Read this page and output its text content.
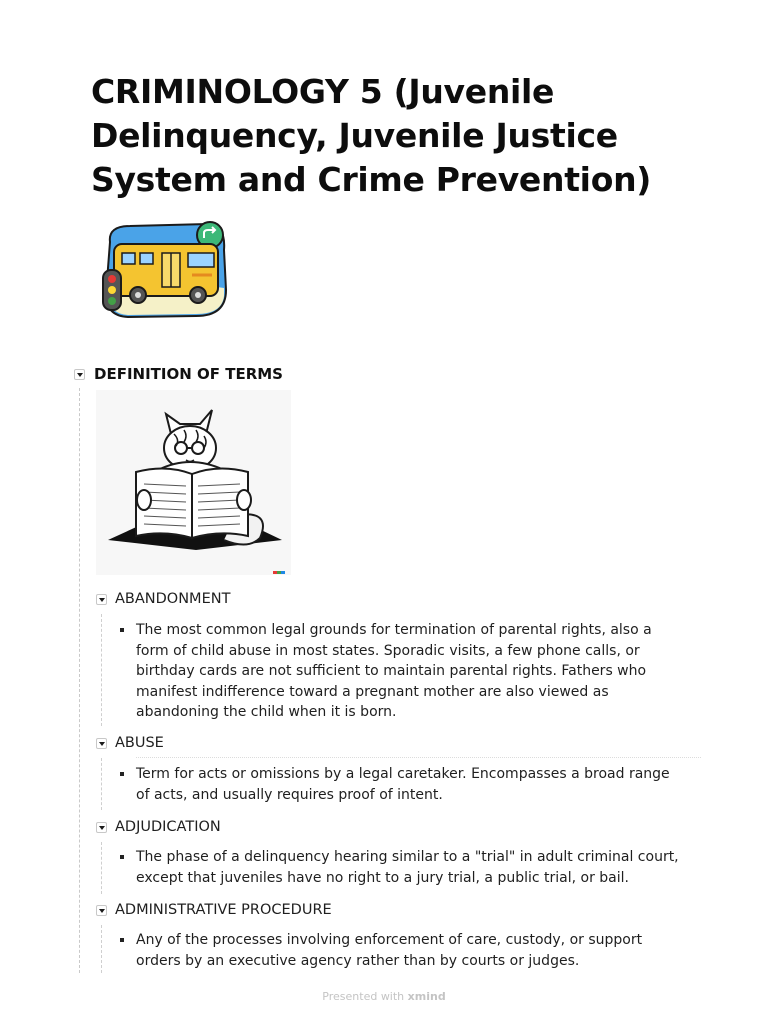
CRIMINOLOGY 5 (Juvenile Delinquency, Juvenile Justice System and Crime Prevention)
DEFINITION OF TERMS
ABANDONMENT
The most common legal grounds for termination of parental rights, also a form of child abuse in most states. Sporadic visits, a few phone calls, or birthday cards are not sufficient to maintain parental rights. Fathers who manifest indifference toward a pregnant mother are also viewed as abandoning the child when it is born.
ABUSE
Term for acts or omissions by a legal caretaker. Encompasses a broad range of acts, and usually requires proof of intent.
ADJUDICATION
The phase of a delinquency hearing similar to a "trial" in adult criminal court, except that juveniles have no right to a jury trial, a public trial, or bail.
ADMINISTRATIVE PROCEDURE
Any of the processes involving enforcement of care, custody, or support orders by an executive agency rather than by courts or judges.
Presented with xmind
